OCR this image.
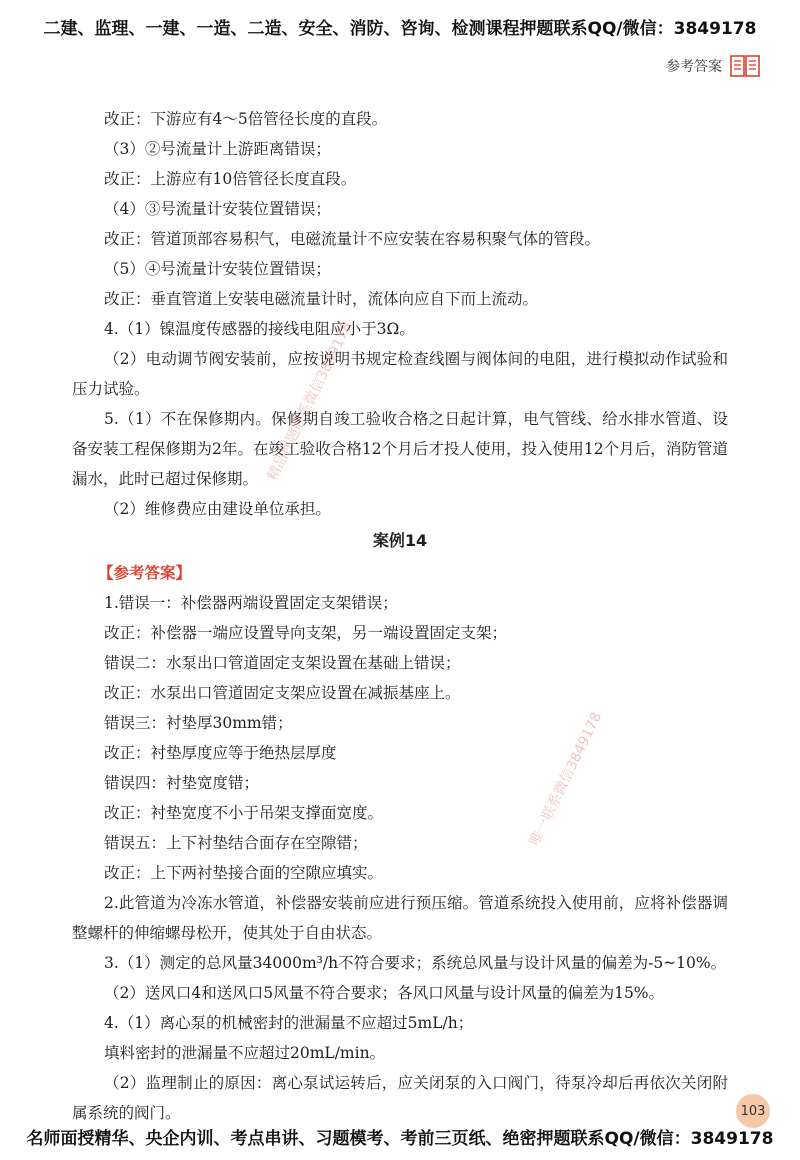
二建、监理、一建、一造、二造、安全、消防、咨询、检测课程押题联系QQ/微信：3849178
参考答案

改正：下游应有4～5倍管径长度的直段。

（3）②号流量计上游距离错误；

改正：上游应有10倍管径长度直段。

（4）③号流量计安装位置错误；

改正：管道顶部容易积气，电磁流量计不应安装在容易积聚气体的管段。

（5）④号流量计安装位置错误；

改正：垂直管道上安装电磁流量计时，流体向应自下而上流动。

4.（1）镍温度传感器的接线电阻应小于3Ω。

（2）电动调节阀安装前，应按说明书规定检查线圈与阀体间的电阻，进行模拟动作试验和压力试验。

5.（1）不在保修期内。保修期自竣工验收合格之日起计算，电气管线、给水排水管道、设备安装工程保修期为2年。在竣工验收合格12个月后才投人使用，投入使用12个月后，消防管道漏水，此时已超过保修期。

（2）维修费应由建设单位承担。

案例14
【参考答案】

1.错误一：补偿器两端设置固定支架错误；

改正：补偿器一端应设置导向支架，另一端设置固定支架；

错误二：水泵出口管道固定支架设置在基础上错误；

改正：水泵出口管道固定支架应设置在减振基座上。

错误三：衬垫厚30mm错；

改正：衬垫厚度应等于绝热层厚度

错误四：衬垫宽度错；

改正：衬垫宽度不小于吊架支撑面宽度。

错误五：上下衬垫结合面存在空隙错；

改正：上下两衬垫接合面的空隙应填实。

2.此管道为冷冻水管道，补偿器安装前应进行预压缩。管道系统投入使用前，应将补偿器调整螺杆的伸缩螺母松开，使其处于自由状态。

3.（1）测定的总风量34000m³/h不符合要求；系统总风量与设计风量的偏差为-5~10%。

（2）送风口4和送风口5风量不符合要求；各风口风量与设计风量的偏差为15%。

4.（1）离心泵的机械密封的泄漏量不应超过5mL/h；

填料密封的泄漏量不应超过20mL/min。

（2）监理制止的原因：离心泵试运转后，应关闭泵的入口阀门，待泵冷却后再依次关闭附属系统的阀门。

精品押题联系微信3849178
唯一联系微信3849178
103
名师面授精华、央企内训、考点串讲、习题模考、考前三页纸、绝密押题联系QQ/微信：3849178
